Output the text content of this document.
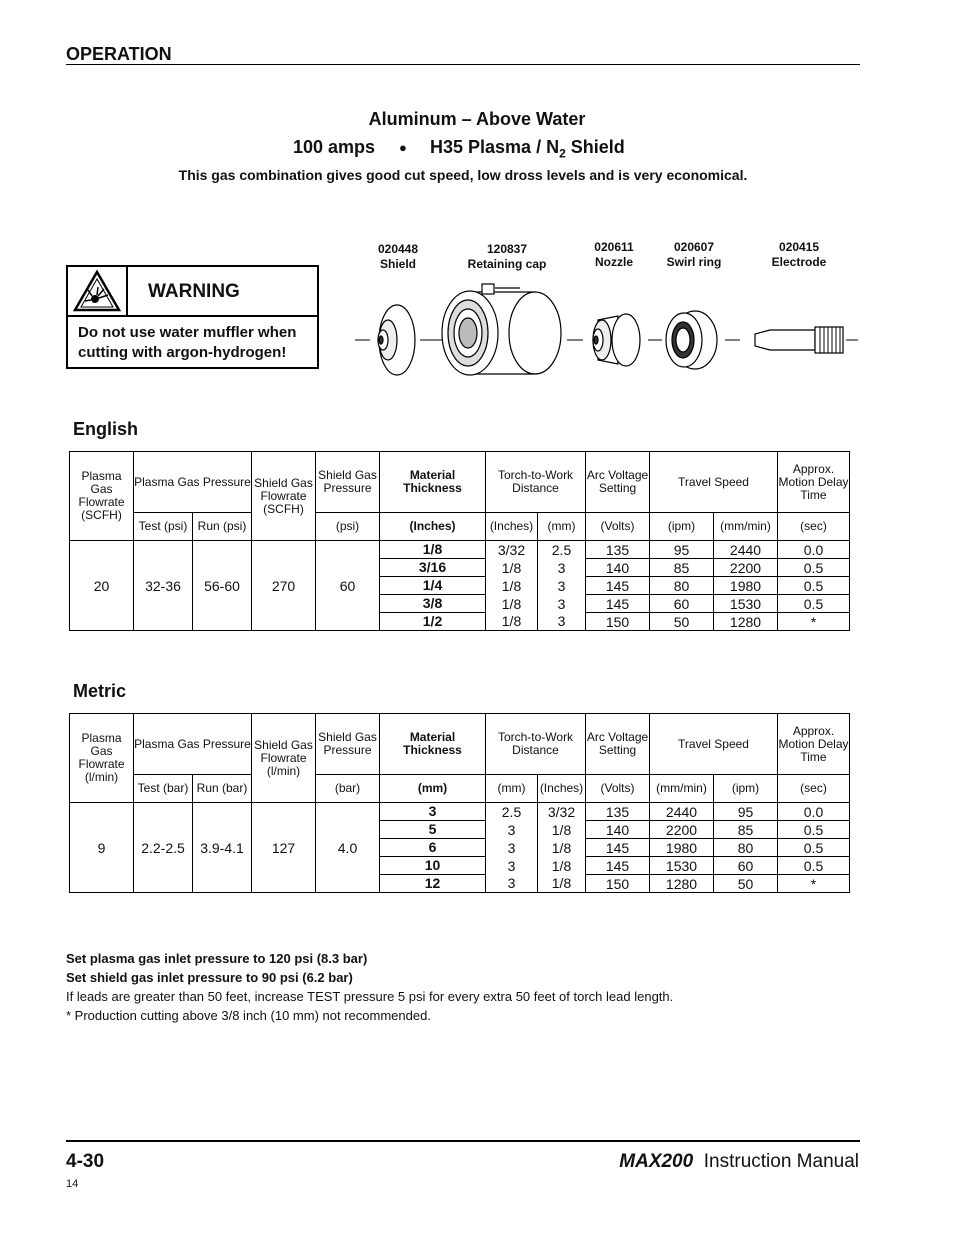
OPERATION
Aluminum – Above Water
100 amps ● H35 Plasma / $N_2$ Shield
This gas combination gives good cut speed, low dross levels and is very economical.
WARNING
Do not use water muffler when cutting with argon-hydrogen!
020448
Shield
120837
Retaining cap
020611
Nozzle
020607
Swirl ring
020415
Electrode
English
Plasma Gas Flowrate (SCFH)	Plasma Gas Pressure		Shield Gas Flowrate (SCFH)	Shield Gas Pressure	Material Thickness	Torch-to-Work Distance		Arc Voltage Setting	Travel Speed		Approx. Motion Delay Time
	Test (psi)	Run (psi)		(psi)	(Inches)	(Inches)	(mm)	(Volts)	(ipm)	(mm/min)	(sec)
20	32-36	56-60	270	60	1/8	3/32	2.5	135	95	2440	0.0
					3/16	1/8	3	140	85	2200	0.5
					1/4	1/8	3	145	80	1980	0.5
					3/8	1/8	3	145	60	1530	0.5
					1/2	1/8	3	150	50	1280	*
Metric
Plasma Gas Flowrate (l/min)	Plasma Gas Pressure		Shield Gas Flowrate (l/min)	Shield Gas Pressure	Material Thickness	Torch-to-Work Distance		Arc Voltage Setting	Travel Speed		Approx. Motion Delay Time
	Test (bar)	Run (bar)		(bar)	(mm)	(mm)	(Inches)	(Volts)	(mm/min)	(ipm)	(sec)
9	2.2-2.5	3.9-4.1	127	4.0	3	2.5	3/32	135	2440	95	0.0
					5	3	1/8	140	2200	85	0.5
					6	3	1/8	145	1980	80	0.5
					10	3	1/8	145	1530	60	0.5
					12	3	1/8	150	1280	50	*
Set plasma gas inlet pressure to 120 psi (8.3 bar)
Set shield gas inlet pressure to 90 psi (6.2 bar)
If leads are greater than 50 feet, increase TEST pressure 5 psi for every extra 50 feet of torch lead length.
* Production cutting above 3/8 inch (10 mm) not recommended.
4-30	MAX200 Instruction Manual
14
